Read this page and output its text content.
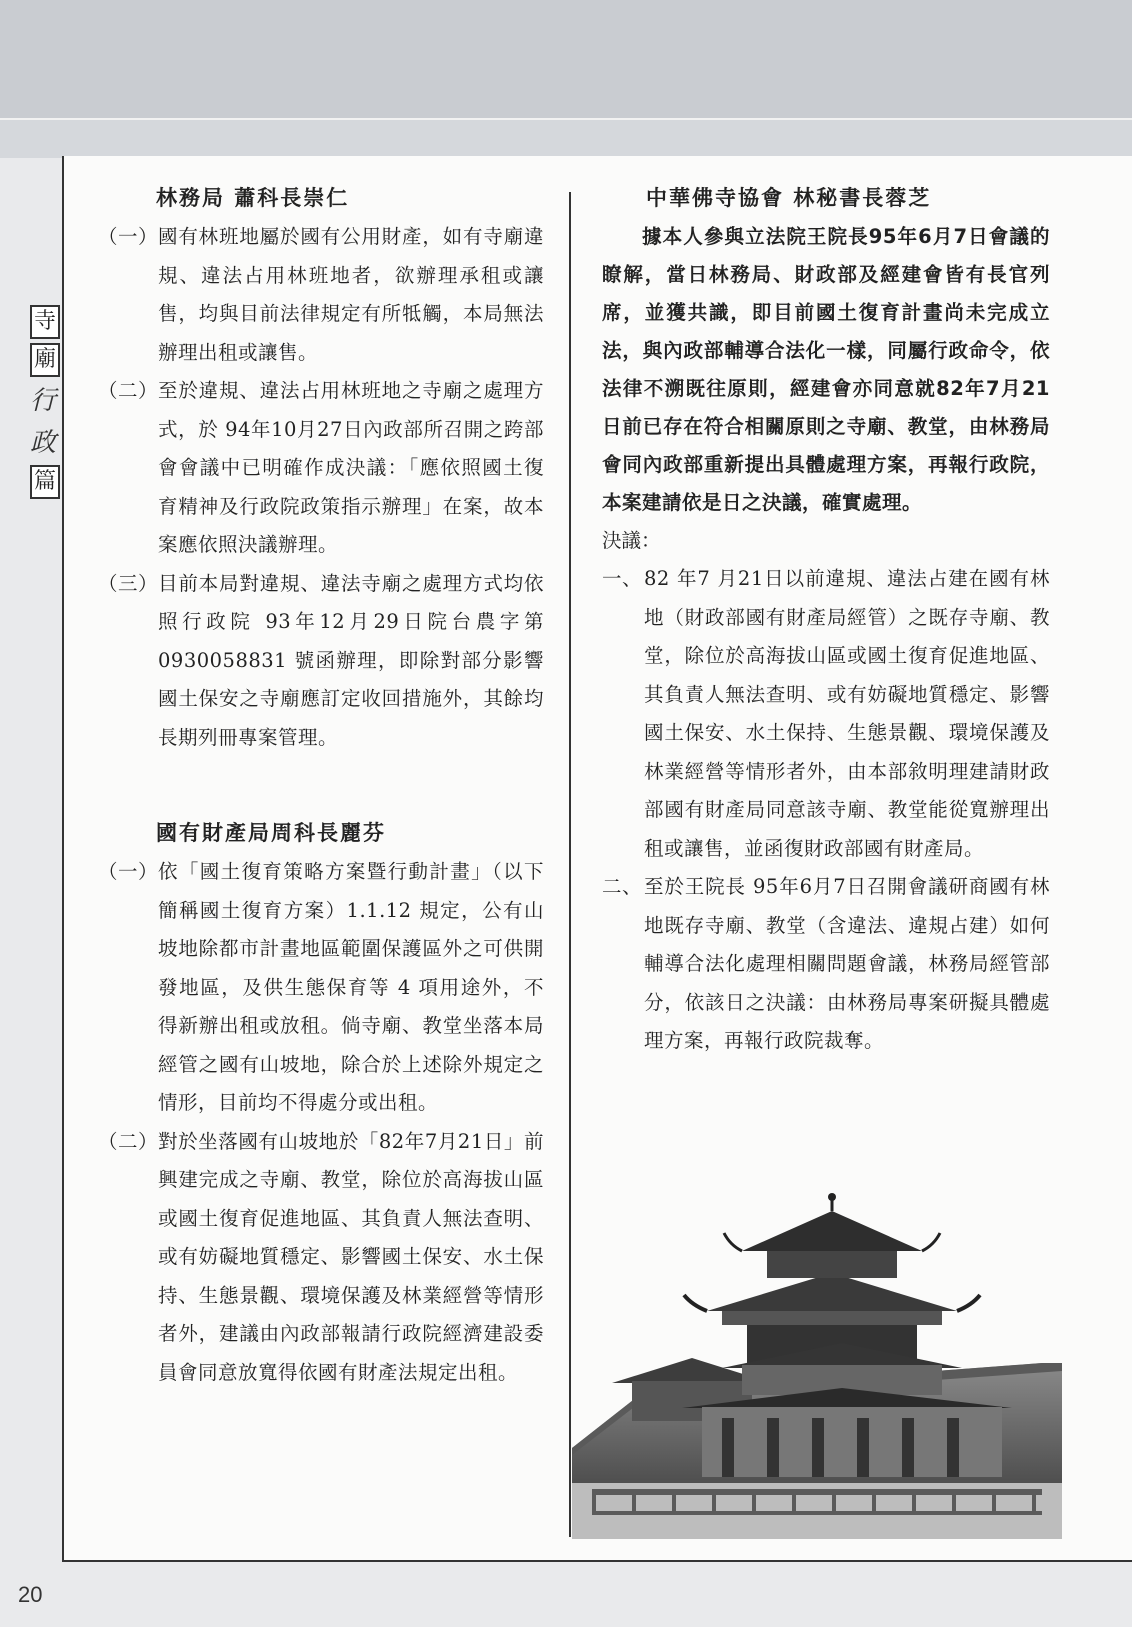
寺
廟
行
政
篇
林務局 蕭科長崇仁
（一） 國有林班地屬於國有公用財產，如有寺廟違規、違法占用林班地者，欲辦理承租或讓售，均與目前法律規定有所牴觸，本局無法辦理出租或讓售。
（二） 至於違規、違法占用林班地之寺廟之處理方式，於 94年10月27日內政部所召開之跨部會會議中已明確作成決議：「應依照國土復育精神及行政院政策指示辦理」在案，故本案應依照決議辦理。
（三） 目前本局對違規、違法寺廟之處理方式均依照行政院 93年12月29日院台農字第 0930058831 號函辦理，即除對部分影響國土保安之寺廟應訂定收回措施外，其餘均長期列冊專案管理。
國有財產局周科長麗芬
（一） 依「國土復育策略方案暨行動計畫」（以下簡稱國土復育方案）1.1.12 規定，公有山坡地除都市計畫地區範圍保護區外之可供開發地區，及供生態保育等 4 項用途外，不得新辦出租或放租。倘寺廟、教堂坐落本局經管之國有山坡地，除合於上述除外規定之情形，目前均不得處分或出租。
（二） 對於坐落國有山坡地於「82年7月21日」前興建完成之寺廟、教堂，除位於高海拔山區或國土復育促進地區、其負責人無法查明、或有妨礙地質穩定、影響國土保安、水土保持、生態景觀、環境保護及林業經營等情形者外，建議由內政部報請行政院經濟建設委員會同意放寬得依國有財產法規定出租。
中華佛寺協會 林秘書長蓉芝
據本人參與立法院王院長95年6月7日會議的瞭解，當日林務局、財政部及經建會皆有長官列席，並獲共識，即目前國土復育計畫尚未完成立法，與內政部輔導合法化一樣，同屬行政命令，依法律不溯既往原則，經建會亦同意就82年7月21日前已存在符合相關原則之寺廟、教堂，由林務局會同內政部重新提出具體處理方案，再報行政院，本案建請依是日之決議，確實處理。
決議：
一、 82 年7 月21日以前違規、違法占建在國有林地（財政部國有財產局經管）之既存寺廟、教堂，除位於高海拔山區或國土復育促進地區、其負責人無法查明、或有妨礙地質穩定、影響國土保安、水土保持、生態景觀、環境保護及林業經營等情形者外，由本部敘明理建請財政部國有財產局同意該寺廟、教堂能從寬辦理出租或讓售，並函復財政部國有財產局。
二、 至於王院長 95年6月7日召開會議研商國有林地既存寺廟、教堂（含違法、違規占建）如何輔導合法化處理相關問題會議，林務局經管部分，依該日之決議：由林務局專案研擬具體處理方案，再報行政院裁奪。
20
